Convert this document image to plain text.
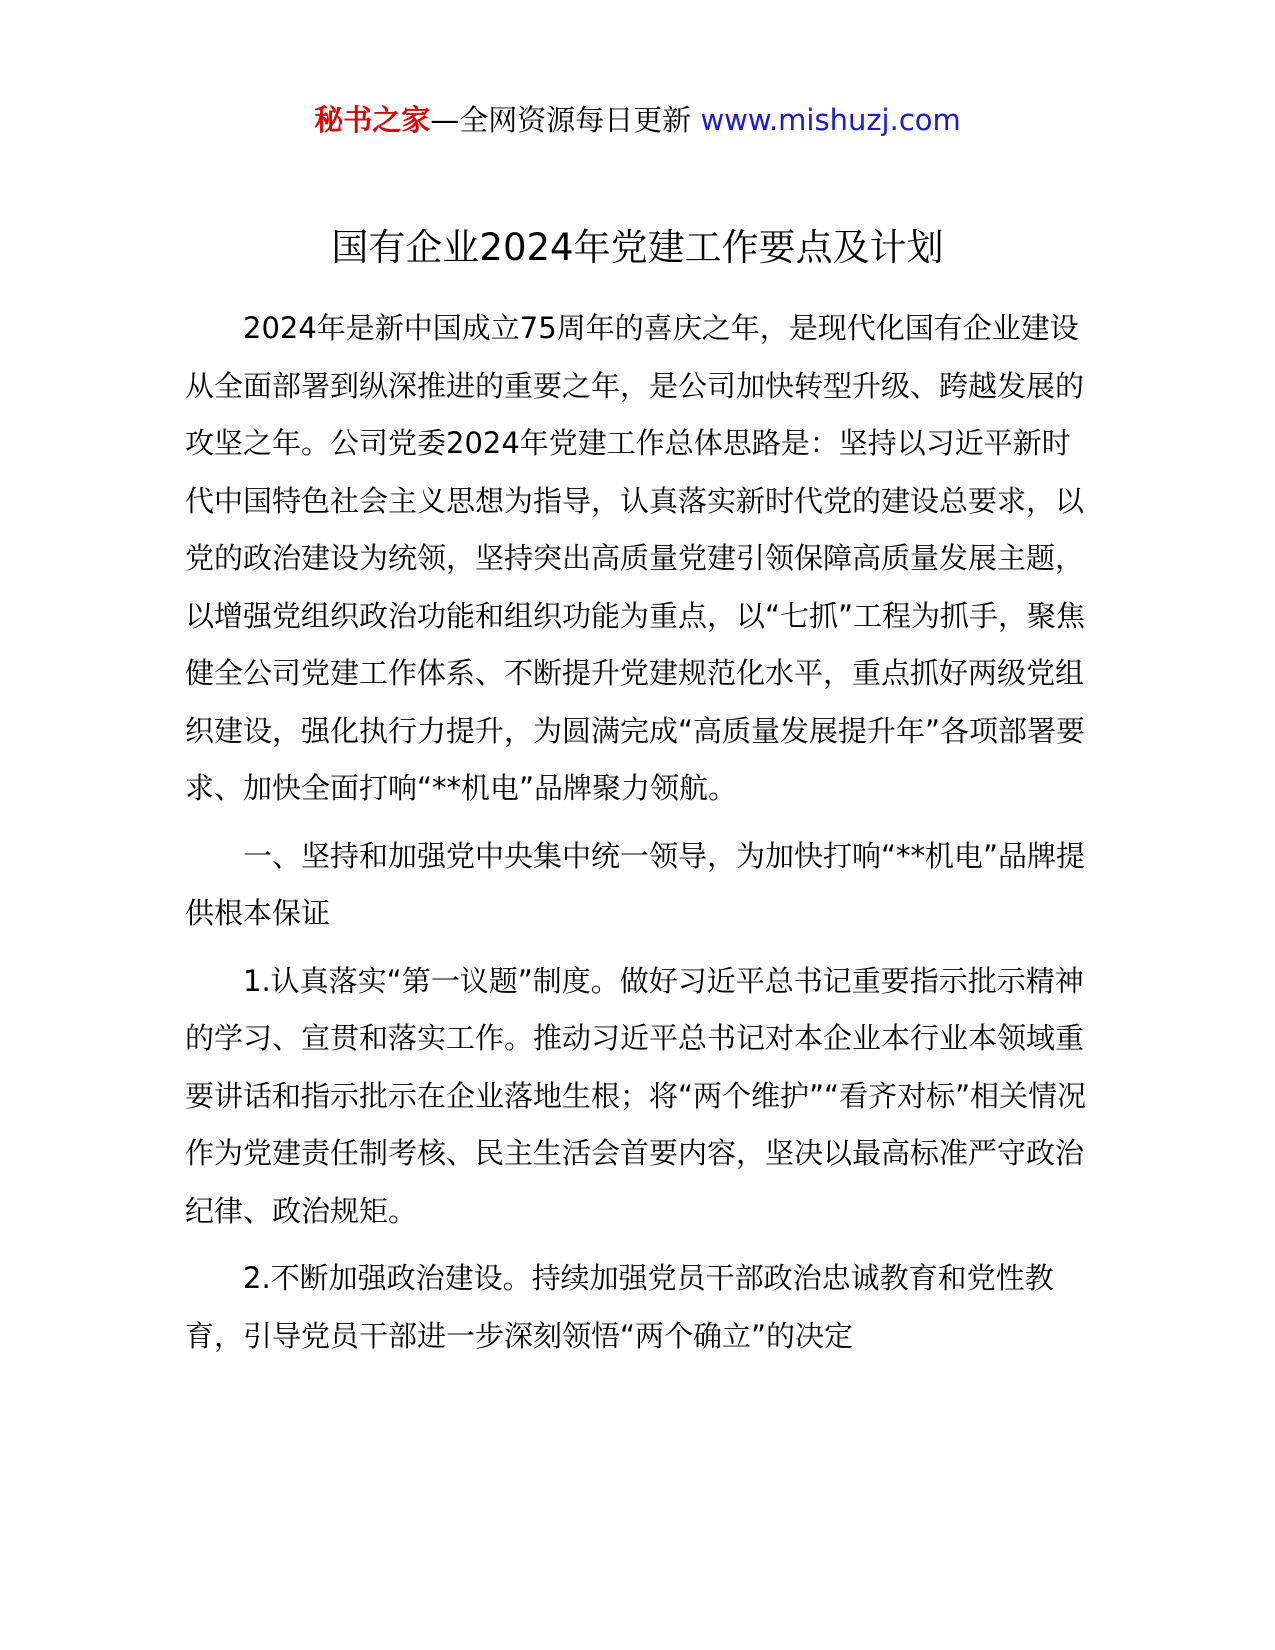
秘书之家—全网资源每日更新 www.mishuzj.com
国有企业2024年党建工作要点及计划

2024年是新中国成立75周年的喜庆之年，是现代化国有企业建设从全面部署到纵深推进的重要之年，是公司加快转型升级、跨越发展的攻坚之年。公司党委2024年党建工作总体思路是：坚持以习近平新时代中国特色社会主义思想为指导，认真落实新时代党的建设总要求，以党的政治建设为统领，坚持突出高质量党建引领保障高质量发展主题，以增强党组织政治功能和组织功能为重点，以“七抓”工程为抓手，聚焦健全公司党建工作体系、不断提升党建规范化水平，重点抓好两级党组织建设，强化执行力提升，为圆满完成“高质量发展提升年”各项部署要求、加快全面打响“**机电”品牌聚力领航。

一、坚持和加强党中央集中统一领导，为加快打响“**机电”品牌提供根本保证

1.认真落实“第一议题”制度。做好习近平总书记重要指示批示精神的学习、宣贯和落实工作。推动习近平总书记对本企业本行业本领域重要讲话和指示批示在企业落地生根；将“两个维护”“看齐对标”相关情况作为党建责任制考核、民主生活会首要内容，坚决以最高标准严守政治纪律、政治规矩。

2.不断加强政治建设。持续加强党员干部政治忠诚教育和党性教育，引导党员干部进一步深刻领悟“两个确立”的决定
